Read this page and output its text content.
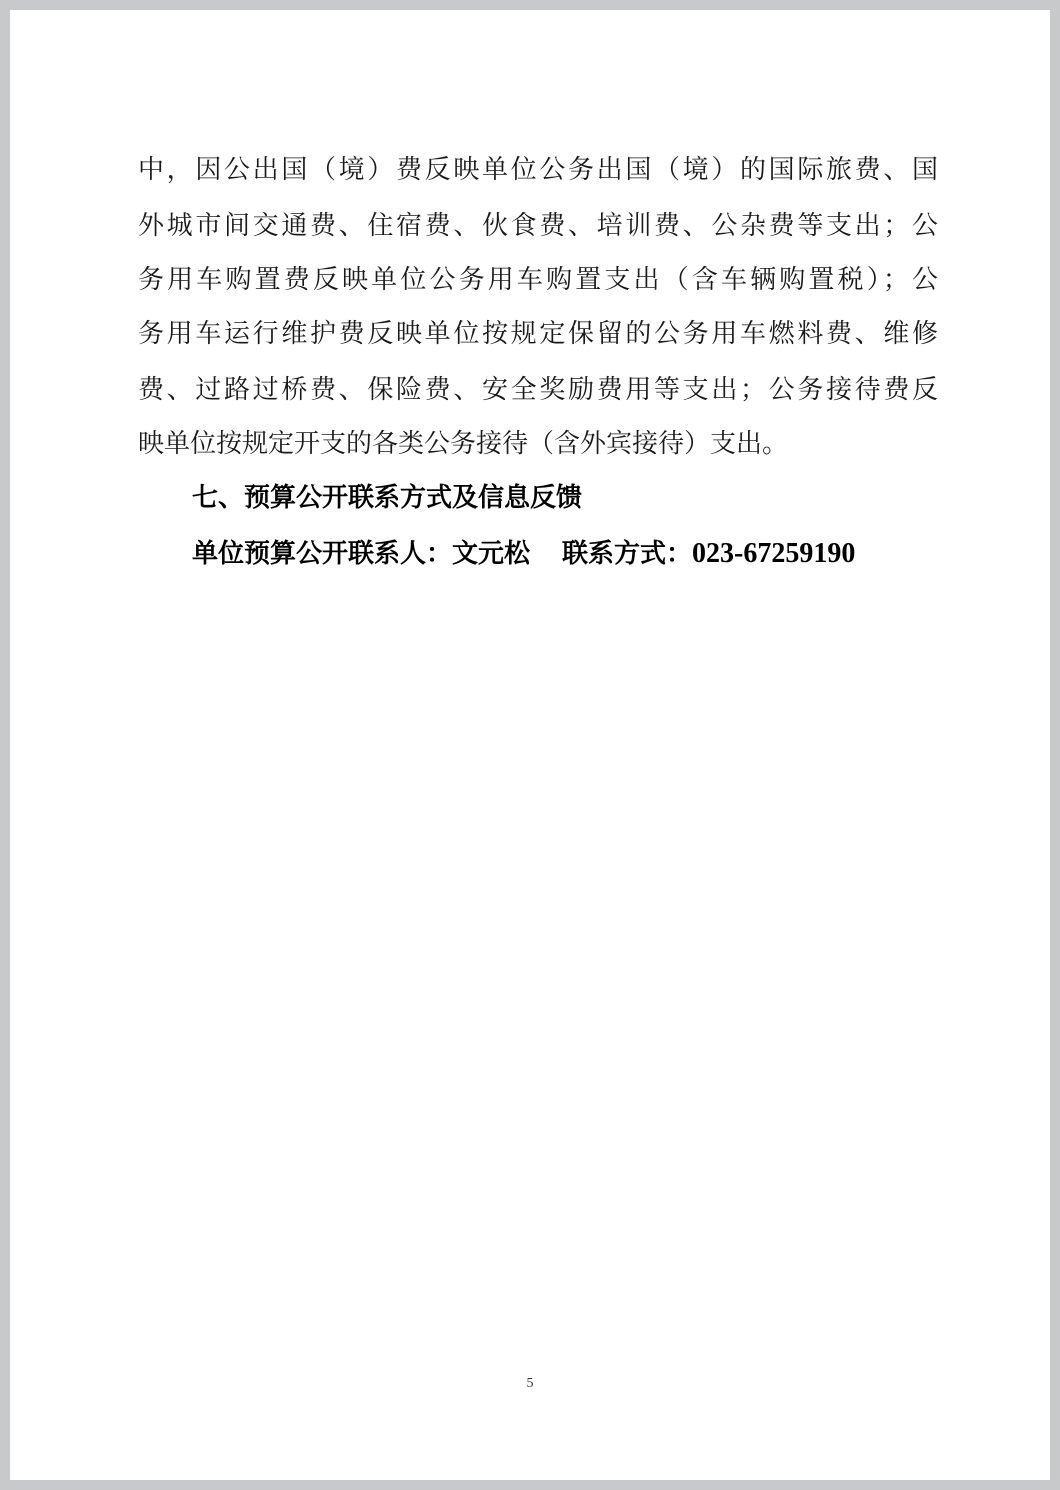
中，因公出国（境）费反映单位公务出国（境）的国际旅费、国

外城市间交通费、住宿费、伙食费、培训费、公杂费等支出；公

务用车购置费反映单位公务用车购置支出（含车辆购置税）；公

务用车运行维护费反映单位按规定保留的公务用车燃料费、维修

费、过路过桥费、保险费、安全奖励费用等支出；公务接待费反

映单位按规定开支的各类公务接待（含外宾接待）支出。

七、预算公开联系方式及信息反馈

单位预算公开联系人：文元松 联系方式：023-67259190

5
